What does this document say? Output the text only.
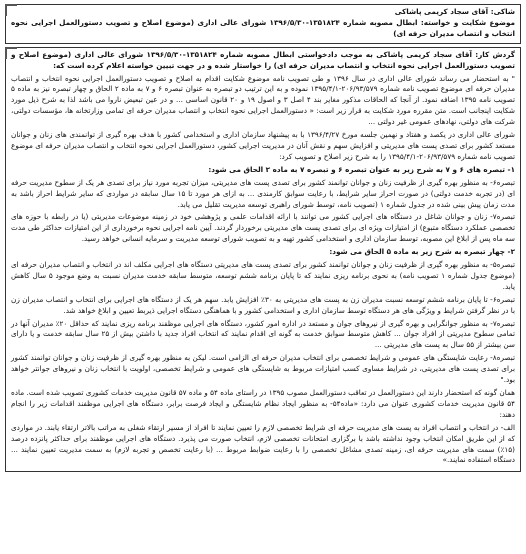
شاکی: آقای سجاد کریمی پاشاکی
موضوع شکایت و خواسته: ابطال مصوبه شماره ۱۳۵۱۸۲۴-۱۳۹۶/۵/۳۰ شورای عالی اداری (موضوع اصلاح و تصویب دستورالعمل اجرایی نحوه انتخاب و انتصاب مدیران حرفه ای)

گردش کار: آقای سجاد کریمی پاشاکی به موجب دادخواستی ابطال مصوبه شماره ۱۳۵۱۸۲۴-۱۳۹۶/۵/۳۰ شورای عالی اداری (موضوع اصلاح و تصویب دستورالعمل اجرایی نحوه انتخاب و انتصاب مدیران حرفه ای) را خواستار شده و در جهت تبیین خواسته اعلام کرده است که:

" به استحضار می رساند شورای عالی اداری در سال ۱۳۹۶ و طی تصویب نامه موضوع شکایت اقدام به اصلاح و تصویب دستورالعمل اجرایی نحوه انتخاب و انتصاب مدیران حرفه ای موضوع تصویب نامه شماره ۲۰۶/۹۳/۵۷۹-۱۳۹۵/۴/۱ نموده و به این ترتیب دو تبصره به عنوان تبصره ۶ و ۷ به ماده ۲ الحاق و چهار تبصره نیز به ماده ۵ تصویب نامه ۱۳۹۵ اضافه نمود. از آنجا که الحاقات مذکور مغایر بند ۴ اصل ۳ و اصول ۱۹ و ۲۰ قانون اساسی ... و در عین تبعیض ناروا می باشد لذا به شرح ذیل مورد شکایت اینجانب است. متن مقرره مورد شکایت به قرار زیر است: « دستورالعمل اجرایی نحوه انتخاب و انتصاب مدیران حرفه ای تمامی وزارتخانه ها، مؤسسات دولتی، شرکت های دولتی، نهادهای عمومی غیر دولتی ...

شورای عالی اداری در یکصد و هفتاد و نهمین جلسه مورخ ۱۳۹۶/۴/۲۷ با به پیشنهاد سازمان اداری و استخدامی کشور با هدف بهره گیری از توانمندی های زنان و جوانان مستعد کشور برای تصدی پست های مدیریتی و افزایش سهم و نقش آنان در مدیریت اجرایی کشور، دستورالعمل اجرایی نحوه انتخاب و انتصاب مدیران حرفه ای موضوع تصویب نامه شماره ۲۰۶/۹۳/۵۷۹-۱۳۹۵/۴/۱ را به شرح زیر اصلاح و تصویب کرد:

۱- تبصره های ۶ و ۷ به شرح زیر به عنوان تبصره ۶ و تبصره ۷ به ماده ۲ الحاق می شود:

تبصره۶- به منظور بهره گیری از ظرفیت زنان و جوانان توانمند کشور برای تصدی پست های مدیریتی، میزان تجربه مورد نیاز برای تصدی هر یک از سطوح مدیریت حرفه ای (در تجربه خدمت دولتی) در صورت احراز سایر شرایط، با رعایت سوابق کارمندی ... به ازای هر مورد تا ۱۵ سال سابقه در مواردی که سایر شرایط احراز باشد به مدت زمان پیش بینی شده در جدول شماره ۱ (تصویب نامه، توسط شورای راهبری توسعه مدیریت تقلیل می یابد.

تبصره۷- زنان و جوانان شاغل در دستگاه های اجرایی کشور می توانند با ارائه اقدامات علمی و پژوهشی خود در زمینه موضوعات مدیریتی (یا در رابطه با حوزه های تخصصی عملکرد دستگاه متبوع) از امتیازات ویژه ای برای تصدی پست های مدیریتی برخوردار گردند. آیین نامه اجرایی نحوه برخورداری از این امتیازات حداکثر طی مدت سه ماه پس از ابلاغ این مصوبه، توسط سازمان اداری و استخدامی کشور تهیه و به تصویب شورای توسعه مدیریت و سرمایه انسانی خواهد رسید.

۲- چهار تبصره به شرح زیر به ماده ۵ الحاق می شود:

تبصره۵- به منظور بهره گیری از ظرفیت زنان و جوانان توانمند کشور برای تصدی پست های مدیریتی دستگاه های اجرایی مکلف اند در انتخاب و انتصاب مدیران حرفه ای (موضوع جدول شماره ۱ تصویب نامه) به نحوی برنامه ریزی نمایند که تا پایان برنامه ششم توسعه، متوسط سابقه خدمت مدیران نسبت به وضع موجود ۵ سال کاهش یابد.

تبصره۶- تا پایان برنامه ششم توسعه نسبت مدیران زن به پست های مدیریتی به ۳۰٪ افزایش یابد. سهم هر یک از دستگاه های اجرایی برای انتخاب و انتصاب مدیران زن با در نظر گرفتن شرایط و ویژگی های هر دستگاه توسط سازمان اداری و استخدامی کشور و با هماهنگی دستگاه اجرایی ذیربط تعیین و ابلاغ خواهد شد.

تبصره۷- به منظور جوانگرایی و بهره گیری از نیروهای جوان و مستعد در اداره امور کشور، دستگاه های اجرایی موظفند برنامه ریزی نمایند که حداقل ۲۰٪ مدیران آنها در تمامی سطوح مدیریتی از افراد جوان ... کاهش متوسط سوابق خدمت به گونه ای اقدام نمایند که انتخاب افراد جدید با داشتن بیش از ۲۵ سال سابقه خدمت و یا دارای سن بیشتر از ۵۵ سال به پست های مدیریتی ...

تبصره۸- رعایت شایستگی های عمومی و شرایط تخصصی برای انتخاب مدیران حرفه ای الزامی است. لیکن به منظور بهره گیری از ظرفیت زنان و جوانان توانمند کشور برای تصدی پست های مدیریتی، در شرایط مساوی کسب امتیازات مربوط به شایستگی های عمومی و شرایط تخصصی، اولویت با انتخاب زنان و نیروهای جوانتر خواهد بود."

همان گونه که استحضار دارند این دستورالعمل در تعاقب دستورالعمل مصوب ۱۳۹۵ در راستای ماده ۵۴ و ماده ۵۷ قانون مدیریت خدمات کشوری تصویب شده است. ماده ۵۴ قانون مدیریت خدمات کشوری عنوان می دارد: «ماده۵۴- به منظور ایجاد نظام شایستگی و ایجاد فرصت برابر، دستگاه های اجرایی موظفند اقدامات زیر را انجام دهند:

الف- در انتخاب و انتصاب افراد به پست های مدیریت حرفه ای شرایط تخصصی لازم را تعیین نمایند تا افراد از مسیر ارتقاء شغلی به مراتب بالاتر ارتقاء یابند. در مواردی که از این طریق امکان انتخاب وجود نداشته باشد با برگزاری امتحانات تخصصی لازم، انتخاب صورت می پذیرد. دستگاه های اجرایی موظفند برای حداکثر پانزده درصد (۱۵٪) سمت های مدیریت حرفه ای، زمینه تصدی مشاغل تخصصی را با رعایت ضوابط مربوط ... (با رعایت تخصص و تجربه لازم) به سمت مدیریت تعیین نمایند ... دستگاه استفاده نمایند.»
